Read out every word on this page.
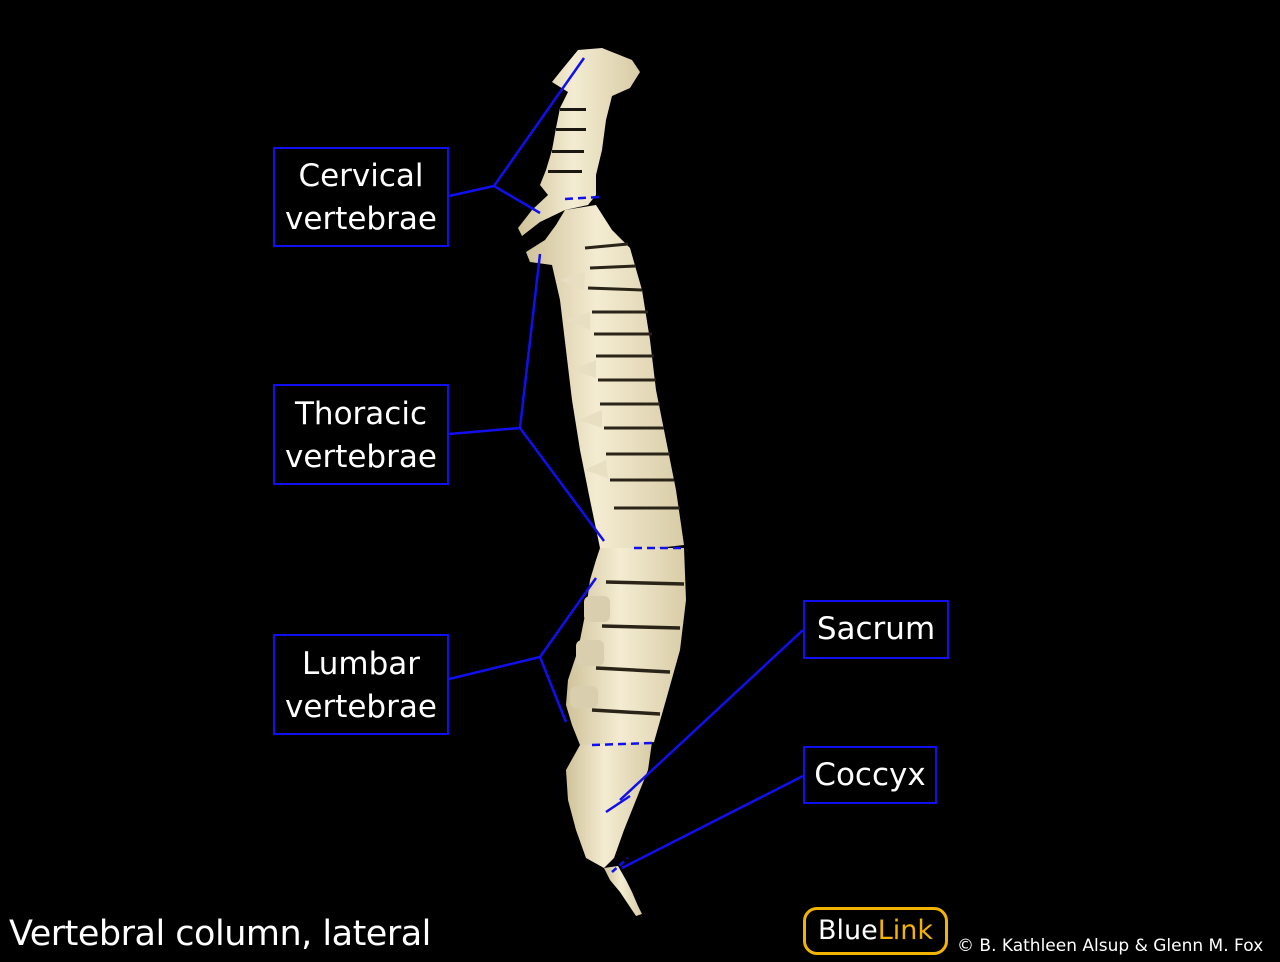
Cervical
vertebrae
Thoracic
vertebrae
Lumbar
vertebrae
Sacrum
Coccyx
Vertebral column, lateral	BlueLink	© B. Kathleen Alsup & Glenn M. Fox
